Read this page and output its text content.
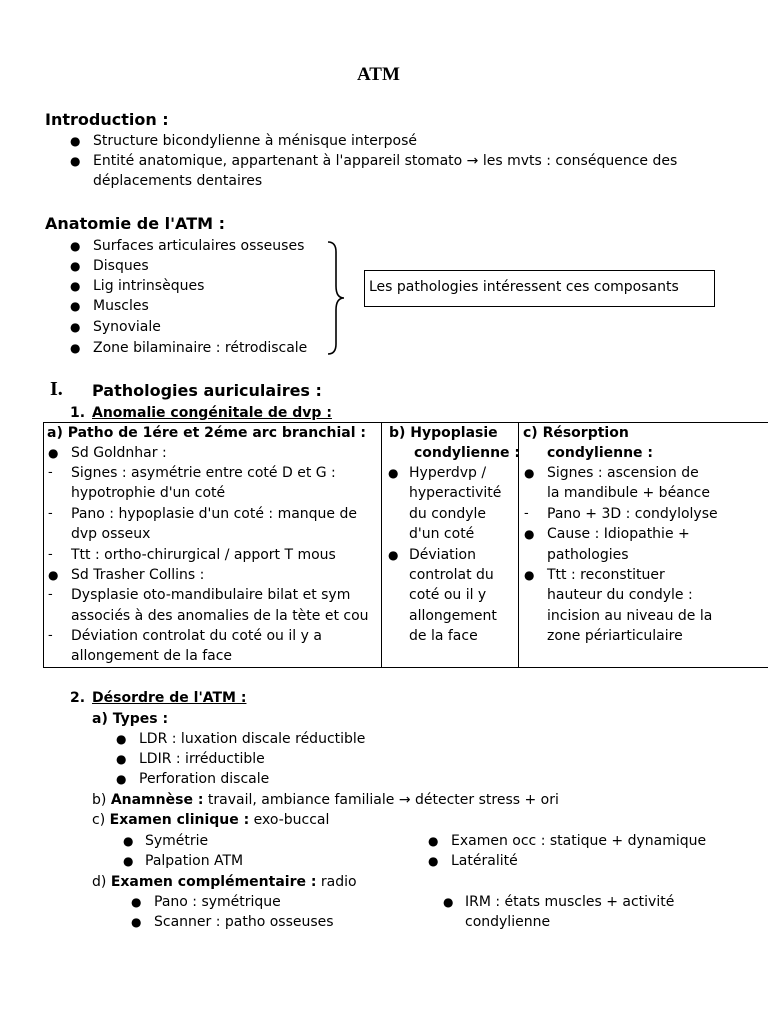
ATM
Introduction :
● Structure bicondylienne à ménisque interposé
● Entité anatomique, appartenant à l'appareil stomato → les mvts : conséquence des
déplacements dentaires
Anatomie de l'ATM :
● Surfaces articulaires osseuses
● Disques
● Lig intrinsèques
● Muscles
● Synoviale
● Zone bilaminaire : rétrodiscale
Les pathologies intéressent ces composants
I. Pathologies auriculaires :
1. Anomalie congénitale de dvp :
a) Patho de 1ére et 2éme arc branchial :
● Sd Goldnhar :
- Signes : asymétrie entre coté D et G :
hypotrophie d'un coté
- Pano : hypoplasie d'un coté : manque de
dvp osseux
- Ttt : ortho-chirurgical / apport T mous
● Sd Trasher Collins :
- Dysplasie oto-mandibulaire bilat et sym
associés à des anomalies de la tète et cou
- Déviation controlat du coté ou il y a
allongement de la face
b) Hypoplasie
condylienne :
● Hyperdvp /
hyperactivité
du condyle
d'un coté
● Déviation
controlat du
coté ou il y
allongement
de la face
c) Résorption
condylienne :
● Signes : ascension de
la mandibule + béance
- Pano + 3D : condylolyse
● Cause : Idiopathie +
pathologies
● Ttt : reconstituer
hauteur du condyle :
incision au niveau de la
zone périarticulaire
2. Désordre de l'ATM :
a) Types :
● LDR : luxation discale réductible
● LDIR : irréductible
● Perforation discale
b) Anamnèse : travail, ambiance familiale → détecter stress + ori
c) Examen clinique : exo-buccal
● Symétrie
● Palpation ATM
● Examen occ : statique + dynamique
● Latéralité
d) Examen complémentaire : radio
● Pano : symétrique
● Scanner : patho osseuses
● IRM : états muscles + activité
condylienne
